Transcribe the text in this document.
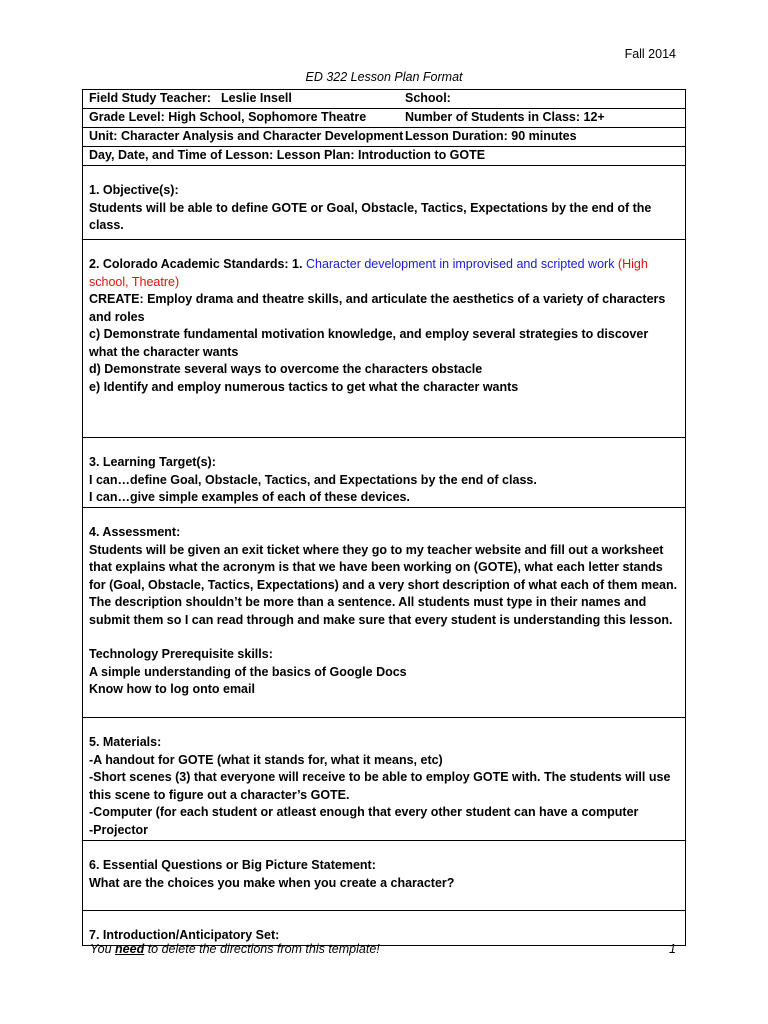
Fall 2014
ED 322 Lesson Plan Format
Field Study Teacher: Leslie Insell	School:

Grade Level: High School, Sophomore Theatre	Number of Students in Class: 12+

Unit: Character Analysis and Character Development Lesson Duration: 90 minutes

Day, Date, and Time of Lesson: Lesson Plan: Introduction to GOTE

1. Objective(s):

Students will be able to define GOTE or Goal, Obstacle, Tactics, Expectations by the end of the class.

2. Colorado Academic Standards: 1. Character development in improvised and scripted work (High school, Theatre)

CREATE: Employ drama and theatre skills, and articulate the aesthetics of a variety of characters and roles

c) Demonstrate fundamental motivation knowledge, and employ several strategies to discover what the character wants

d) Demonstrate several ways to overcome the characters obstacle

e) Identify and employ numerous tactics to get what the character wants

3. Learning Target(s):

I can…define Goal, Obstacle, Tactics, and Expectations by the end of class.

I can…give simple examples of each of these devices.

4. Assessment:

Students will be given an exit ticket where they go to my teacher website and fill out a worksheet that explains what the acronym is that we have been working on (GOTE), what each letter stands for (Goal, Obstacle, Tactics, Expectations) and a very short description of what each of them mean. The description shouldn’t be more than a sentence. All students must type in their names and submit them so I can read through and make sure that every student is understanding this lesson.

Technology Prerequisite skills:

A simple understanding of the basics of Google Docs

Know how to log onto email

5. Materials:

-A handout for GOTE (what it stands for, what it means, etc)

-Short scenes (3) that everyone will receive to be able to employ GOTE with. The students will use this scene to figure out a character’s GOTE.

-Computer (for each student or atleast enough that every other student can have a computer

-Projector

6. Essential Questions or Big Picture Statement:

What are the choices you make when you create a character?

7. Introduction/Anticipatory Set:

You need to delete the directions from this template!	1
